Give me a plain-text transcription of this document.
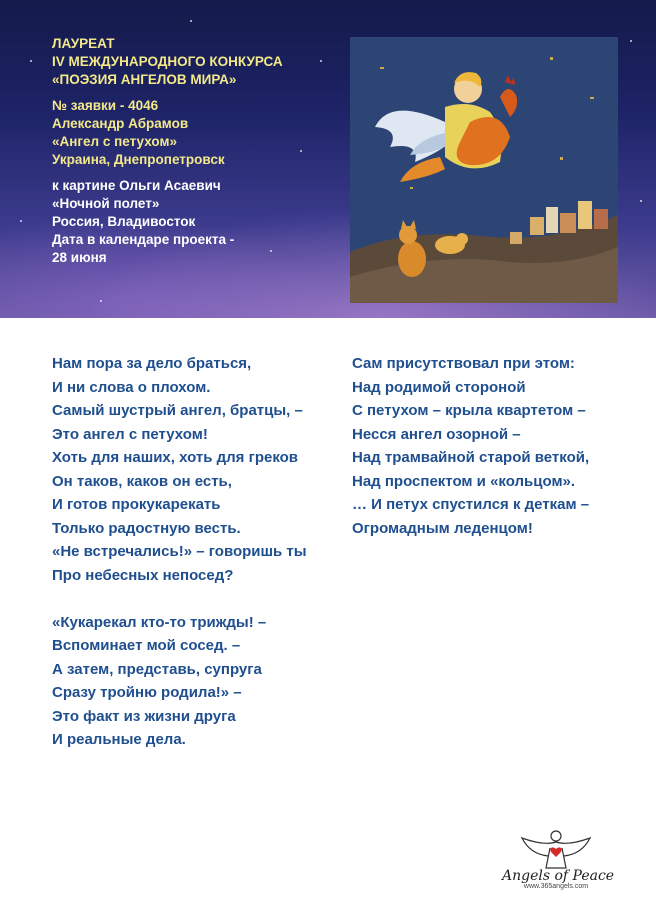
ЛАУРЕАТ
IV МЕЖДУНАРОДНОГО КОНКУРСА
«ПОЭЗИЯ АНГЕЛОВ МИРА»
№ заявки - 4046
Александр Абрамов
«Ангел с петухом»
Украина, Днепропетровск
к картине Ольги Асаевич
«Ночной полет»
Россия, Владивосток
Дата в календаре проекта -
28 июня
Нам пора за дело браться,
И ни слова о плохом.
Самый шустрый ангел, братцы, –
Это ангел с петухом!
Хоть для наших, хоть для греков
Он таков, каков он есть,
И готов прокукарекать
Только радостную весть.
«Не встречались!» – говоришь ты
Про небесных непосед?
«Кукарекал кто-то трижды! –
Вспоминает мой сосед. –
А затем, представь, супруга
Сразу тройню родила!» –
Это факт из жизни друга
И реальные дела.
Сам присутствовал при этом:
Над родимой стороной
С петухом – крыла квартетом –
Несся ангел озорной –
Над трамвайной старой веткой,
Над проспектом и «кольцом».
… И петух спустился к деткам –
Огромадным леденцом!
Angels of Peace
www.365angels.com
